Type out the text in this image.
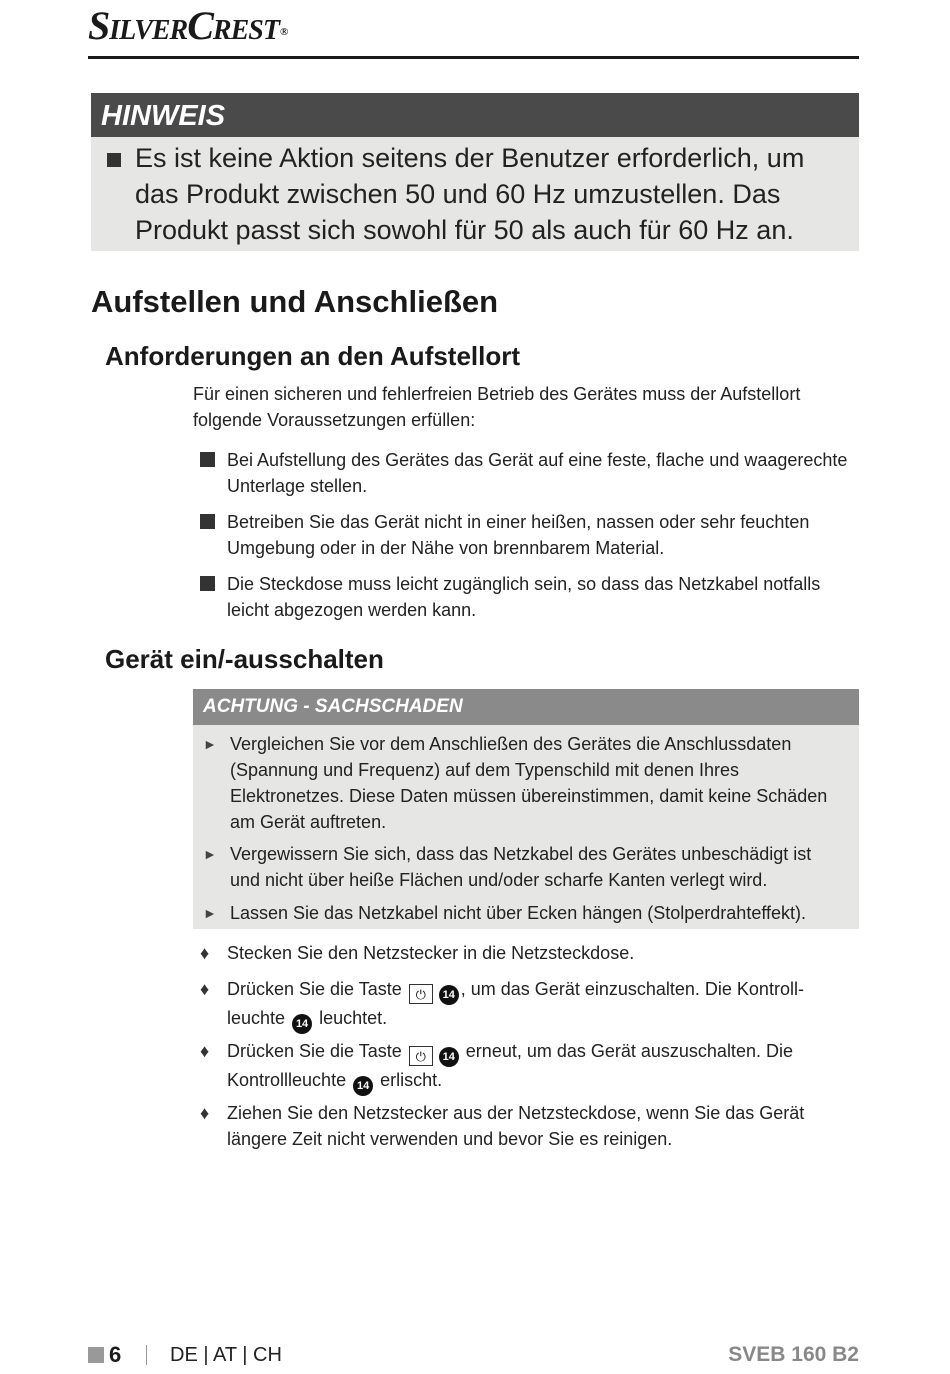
SilverCrest®
HINWEIS
Es ist keine Aktion seitens der Benutzer erforderlich, um das Produkt zwischen 50 und 60 Hz umzustellen. Das Produkt passt sich sowohl für 50 als auch für 60 Hz an.
Aufstellen und Anschließen
Anforderungen an den Aufstellort
Für einen sicheren und fehlerfreien Betrieb des Gerätes muss der Aufstellort folgende Voraussetzungen erfüllen:
Bei Aufstellung des Gerätes das Gerät auf eine feste, flache und waagerechte Unterlage stellen.
Betreiben Sie das Gerät nicht in einer heißen, nassen oder sehr feuchten Umgebung oder in der Nähe von brennbarem Material.
Die Steckdose muss leicht zugänglich sein, so dass das Netzkabel notfalls leicht abgezogen werden kann.
Gerät ein/-ausschalten
ACHTUNG - SACHSCHADEN
► Vergleichen Sie vor dem Anschließen des Gerätes die Anschlussdaten (Spannung und Frequenz) auf dem Typenschild mit denen Ihres Elektronetzes. Diese Daten müssen übereinstimmen, damit keine Schäden am Gerät auftreten.
► Vergewissern Sie sich, dass das Netzkabel des Gerätes unbeschädigt ist und nicht über heiße Flächen und/oder scharfe Kanten verlegt wird.
► Lassen Sie das Netzkabel nicht über Ecken hängen (Stolperdrahteffekt).
♦ Stecken Sie den Netzstecker in die Netzsteckdose.
♦ Drücken Sie die Taste ⏻ 14 , um das Gerät einzuschalten. Die Kontroll-leuchte 14 leuchtet.
♦ Drücken Sie die Taste ⏻ 14 erneut, um das Gerät auszuschalten. Die Kontrollleuchte 14 erlischt.
♦ Ziehen Sie den Netzstecker aus der Netzsteckdose, wenn Sie das Gerät längere Zeit nicht verwenden und bevor Sie es reinigen.
6 DE | AT | CH	SVEB 160 B2
